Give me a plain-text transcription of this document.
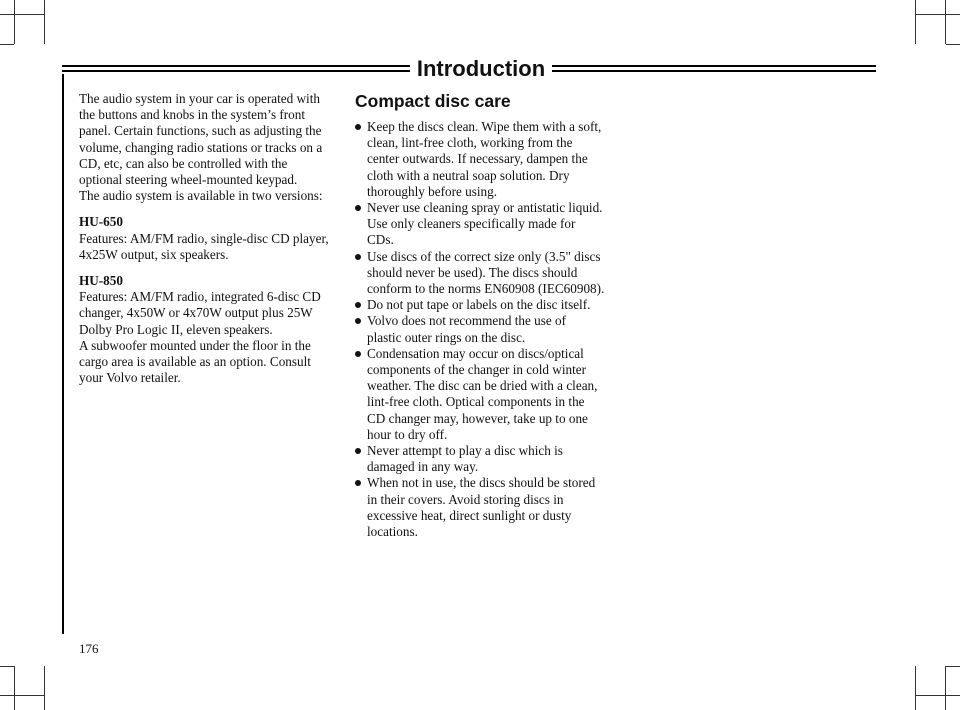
Introduction

The audio system in your car is operated with
the buttons and knobs in the system’s front
panel. Certain functions, such as adjusting the
volume, changing radio stations or tracks on a
CD, etc, can also be controlled with the
optional steering wheel-mounted keypad.
The audio system is available in two versions:

HU-650
Features: AM/FM radio, single-disc CD player,
4x25W output, six speakers.

HU-850
Features: AM/FM radio, integrated 6-disc CD
changer, 4x50W or 4x70W output plus 25W
Dolby Pro Logic II, eleven speakers.
A subwoofer mounted under the floor in the
cargo area is available as an option. Consult
your Volvo retailer.

Compact disc care
Keep the discs clean. Wipe them with a soft,
clean, lint-free cloth, working from the
center outwards. If necessary, dampen the
cloth with a neutral soap solution. Dry
thoroughly before using.
Never use cleaning spray or antistatic liquid.
Use only cleaners specifically made for
CDs.
Use discs of the correct size only (3.5" discs
should never be used). The discs should
conform to the norms EN60908 (IEC60908).
Do not put tape or labels on the disc itself.
Volvo does not recommend the use of
plastic outer rings on the disc.
Condensation may occur on discs/optical
components of the changer in cold winter
weather. The disc can be dried with a clean,
lint-free cloth. Optical components in the
CD changer may, however, take up to one
hour to dry off.
Never attempt to play a disc which is
damaged in any way.
When not in use, the discs should be stored
in their covers. Avoid storing discs in
excessive heat, direct sunlight or dusty
locations.
176
